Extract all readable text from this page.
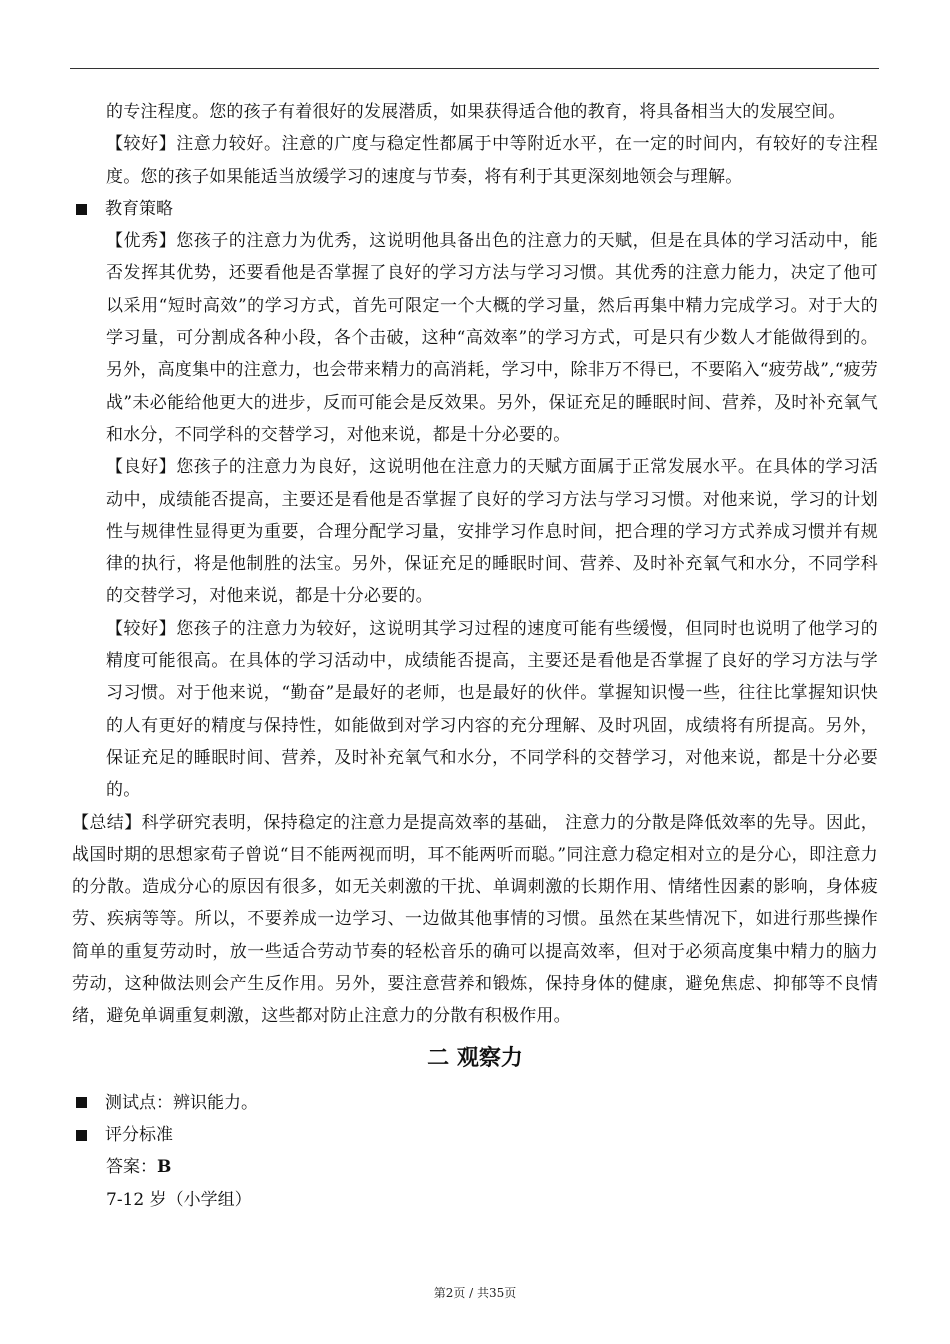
的专注程度。您的孩子有着很好的发展潜质，如果获得适合他的教育，将具备相当大的发展空间。

【较好】注意力较好。注意的广度与稳定性都属于中等附近水平，在一定的时间内，有较好的专注程度。您的孩子如果能适当放缓学习的速度与节奏，将有利于其更深刻地领会与理解。

教育策略

【优秀】您孩子的注意力为优秀，这说明他具备出色的注意力的天赋，但是在具体的学习活动中，能否发挥其优势，还要看他是否掌握了良好的学习方法与学习习惯。其优秀的注意力能力，决定了他可以采用“短时高效”的学习方式，首先可限定一个大概的学习量，然后再集中精力完成学习。对于大的学习量，可分割成各种小段，各个击破，这种“高效率”的学习方式，可是只有少数人才能做得到的。另外，高度集中的注意力，也会带来精力的高消耗，学习中，除非万不得已，不要陷入“疲劳战”,“疲劳战”未必能给他更大的进步，反而可能会是反效果。另外，保证充足的睡眠时间、营养，及时补充氧气和水分，不同学科的交替学习，对他来说，都是十分必要的。

【良好】您孩子的注意力为良好，这说明他在注意力的天赋方面属于正常发展水平。在具体的学习活动中，成绩能否提高，主要还是看他是否掌握了良好的学习方法与学习习惯。对他来说，学习的计划性与规律性显得更为重要，合理分配学习量，安排学习作息时间，把合理的学习方式养成习惯并有规律的执行，将是他制胜的法宝。另外，保证充足的睡眠时间、营养、及时补充氧气和水分，不同学科的交替学习，对他来说，都是十分必要的。

【较好】您孩子的注意力为较好，这说明其学习过程的速度可能有些缓慢，但同时也说明了他学习的精度可能很高。在具体的学习活动中，成绩能否提高，主要还是看他是否掌握了良好的学习方法与学习习惯。对于他来说，“勤奋”是最好的老师，也是最好的伙伴。掌握知识慢一些，往往比掌握知识快的人有更好的精度与保持性，如能做到对学习内容的充分理解、及时巩固，成绩将有所提高。另外，保证充足的睡眠时间、营养，及时补充氧气和水分，不同学科的交替学习，对他来说，都是十分必要的。

【总结】科学研究表明，保持稳定的注意力是提高效率的基础， 注意力的分散是降低效率的先导。因此，战国时期的思想家荀子曾说“目不能两视而明，耳不能两听而聪。”同注意力稳定相对立的是分心，即注意力的分散。造成分心的原因有很多，如无关刺激的干扰、单调刺激的长期作用、情绪性因素的影响，身体疲劳、疾病等等。所以，不要养成一边学习、一边做其他事情的习惯。虽然在某些情况下，如进行那些操作简单的重复劳动时，放一些适合劳动节奏的轻松音乐的确可以提高效率，但对于必须高度集中精力的脑力劳动，这种做法则会产生反作用。另外，要注意营养和锻炼，保持身体的健康，避免焦虑、抑郁等不良情绪，避免单调重复刺激，这些都对防止注意力的分散有积极作用。

二 观察力
测试点：辨识能力。
评分标准
答案：B
7-12 岁（小学组）
第2页 / 共35页
